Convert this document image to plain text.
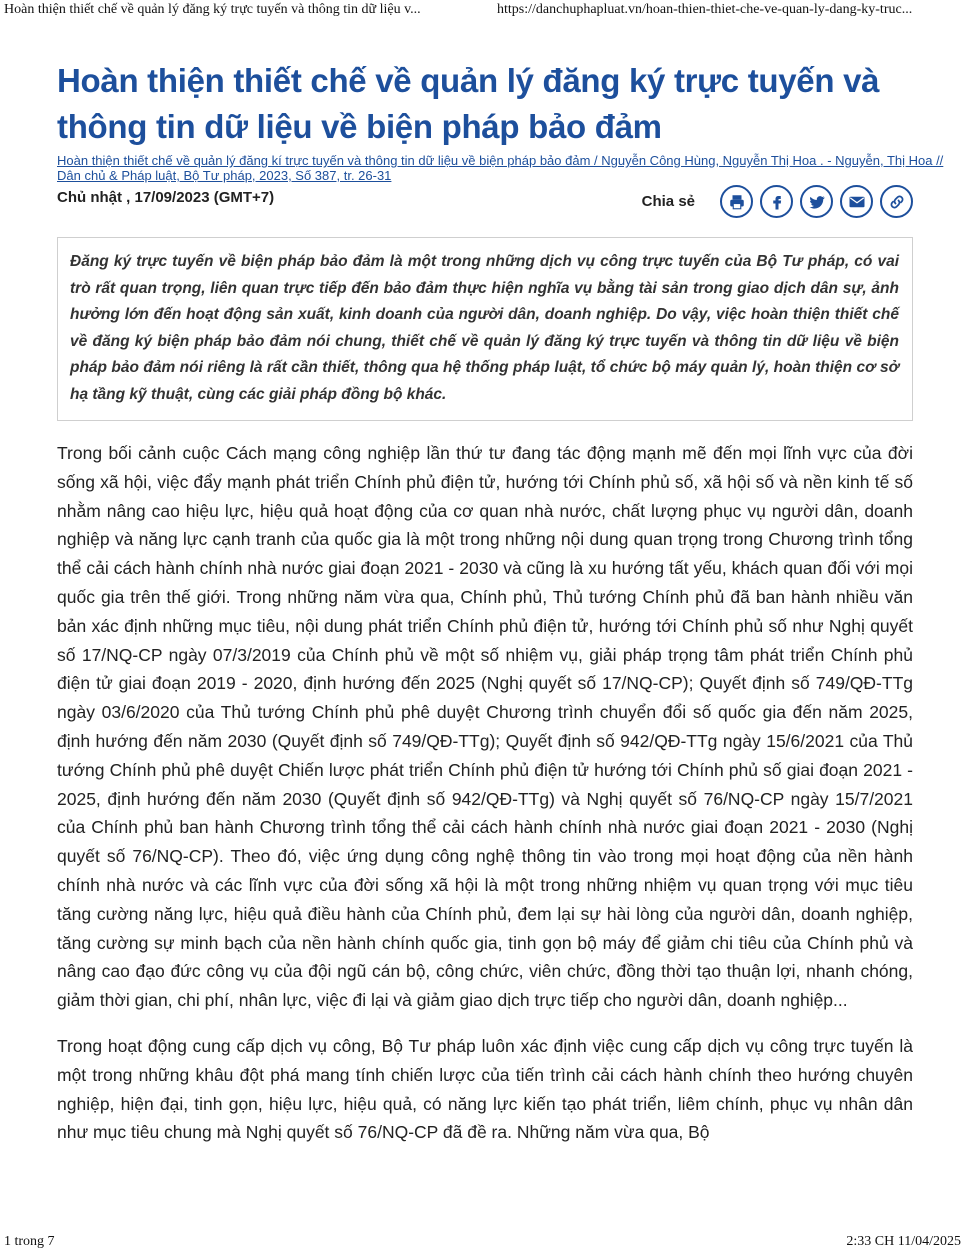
Hoàn thiện thiết chế về quản lý đăng ký trực tuyến và thông tin dữ liệu v...	https://danchuphapluat.vn/hoan-thien-thiet-che-ve-quan-ly-dang-ky-truc...
Hoàn thiện thiết chế về quản lý đăng ký trực tuyến và thông tin dữ liệu về biện pháp bảo đảm
Hoàn thiện thiết chế về quản lý đăng kí trực tuyến và thông tin dữ liệu về biện pháp bảo đảm / Nguyễn Công Hùng, Nguyễn Thị Hoa . - Nguyễn, Thị Hoa // Dân chủ & Pháp luật, Bộ Tư pháp, 2023, Số 387, tr. 26-31
Chủ nhật , 17/09/2023 (GMT+7)	Chia sẻ
Đăng ký trực tuyến về biện pháp bảo đảm là một trong những dịch vụ công trực tuyến của Bộ Tư pháp, có vai trò rất quan trọng, liên quan trực tiếp đến bảo đảm thực hiện nghĩa vụ bằng tài sản trong giao dịch dân sự, ảnh hưởng lớn đến hoạt động sản xuất, kinh doanh của người dân, doanh nghiệp. Do vậy, việc hoàn thiện thiết chế về đăng ký biện pháp bảo đảm nói chung, thiết chế về quản lý đăng ký trực tuyến và thông tin dữ liệu về biện pháp bảo đảm nói riêng là rất cần thiết, thông qua hệ thống pháp luật, tổ chức bộ máy quản lý, hoàn thiện cơ sở hạ tầng kỹ thuật, cùng các giải pháp đồng bộ khác.

Trong bối cảnh cuộc Cách mạng công nghiệp lần thứ tư đang tác động mạnh mẽ đến mọi lĩnh vực của đời sống xã hội, việc đẩy mạnh phát triển Chính phủ điện tử, hướng tới Chính phủ số, xã hội số và nền kinh tế số nhằm nâng cao hiệu lực, hiệu quả hoạt động của cơ quan nhà nước, chất lượng phục vụ người dân, doanh nghiệp và năng lực cạnh tranh của quốc gia là một trong những nội dung quan trọng trong Chương trình tổng thể cải cách hành chính nhà nước giai đoạn 2021 - 2030 và cũng là xu hướng tất yếu, khách quan đối với mọi quốc gia trên thế giới. Trong những năm vừa qua, Chính phủ, Thủ tướng Chính phủ đã ban hành nhiều văn bản xác định những mục tiêu, nội dung phát triển Chính phủ điện tử, hướng tới Chính phủ số như Nghị quyết số 17/NQ-CP ngày 07/3/2019 của Chính phủ về một số nhiệm vụ, giải pháp trọng tâm phát triển Chính phủ điện tử giai đoạn 2019 - 2020, định hướng đến 2025 (Nghị quyết số 17/NQ-CP); Quyết định số 749/QĐ-TTg ngày 03/6/2020 của Thủ tướng Chính phủ phê duyệt Chương trình chuyển đổi số quốc gia đến năm 2025, định hướng đến năm 2030 (Quyết định số 749/QĐ-TTg); Quyết định số 942/QĐ-TTg ngày 15/6/2021 của Thủ tướng Chính phủ phê duyệt Chiến lược phát triển Chính phủ điện tử hướng tới Chính phủ số giai đoạn 2021 - 2025, định hướng đến năm 2030 (Quyết định số 942/QĐ-TTg) và Nghị quyết số 76/NQ-CP ngày 15/7/2021 của Chính phủ ban hành Chương trình tổng thể cải cách hành chính nhà nước giai đoạn 2021 - 2030 (Nghị quyết số 76/NQ-CP). Theo đó, việc ứng dụng công nghệ thông tin vào trong mọi hoạt động của nền hành chính nhà nước và các lĩnh vực của đời sống xã hội là một trong những nhiệm vụ quan trọng với mục tiêu tăng cường năng lực, hiệu quả điều hành của Chính phủ, đem lại sự hài lòng của người dân, doanh nghiệp, tăng cường sự minh bạch của nền hành chính quốc gia, tinh gọn bộ máy để giảm chi tiêu của Chính phủ và nâng cao đạo đức công vụ của đội ngũ cán bộ, công chức, viên chức, đồng thời tạo thuận lợi, nhanh chóng, giảm thời gian, chi phí, nhân lực, việc đi lại và giảm giao dịch trực tiếp cho người dân, doanh nghiệp...

Trong hoạt động cung cấp dịch vụ công, Bộ Tư pháp luôn xác định việc cung cấp dịch vụ công trực tuyến là một trong những khâu đột phá mang tính chiến lược của tiến trình cải cách hành chính theo hướng chuyên nghiệp, hiện đại, tinh gọn, hiệu lực, hiệu quả, có năng lực kiến tạo phát triển, liêm chính, phục vụ nhân dân như mục tiêu chung mà Nghị quyết số 76/NQ-CP đã đề ra. Những năm vừa qua, Bộ

1 trong 7	2:33 CH 11/04/2025
